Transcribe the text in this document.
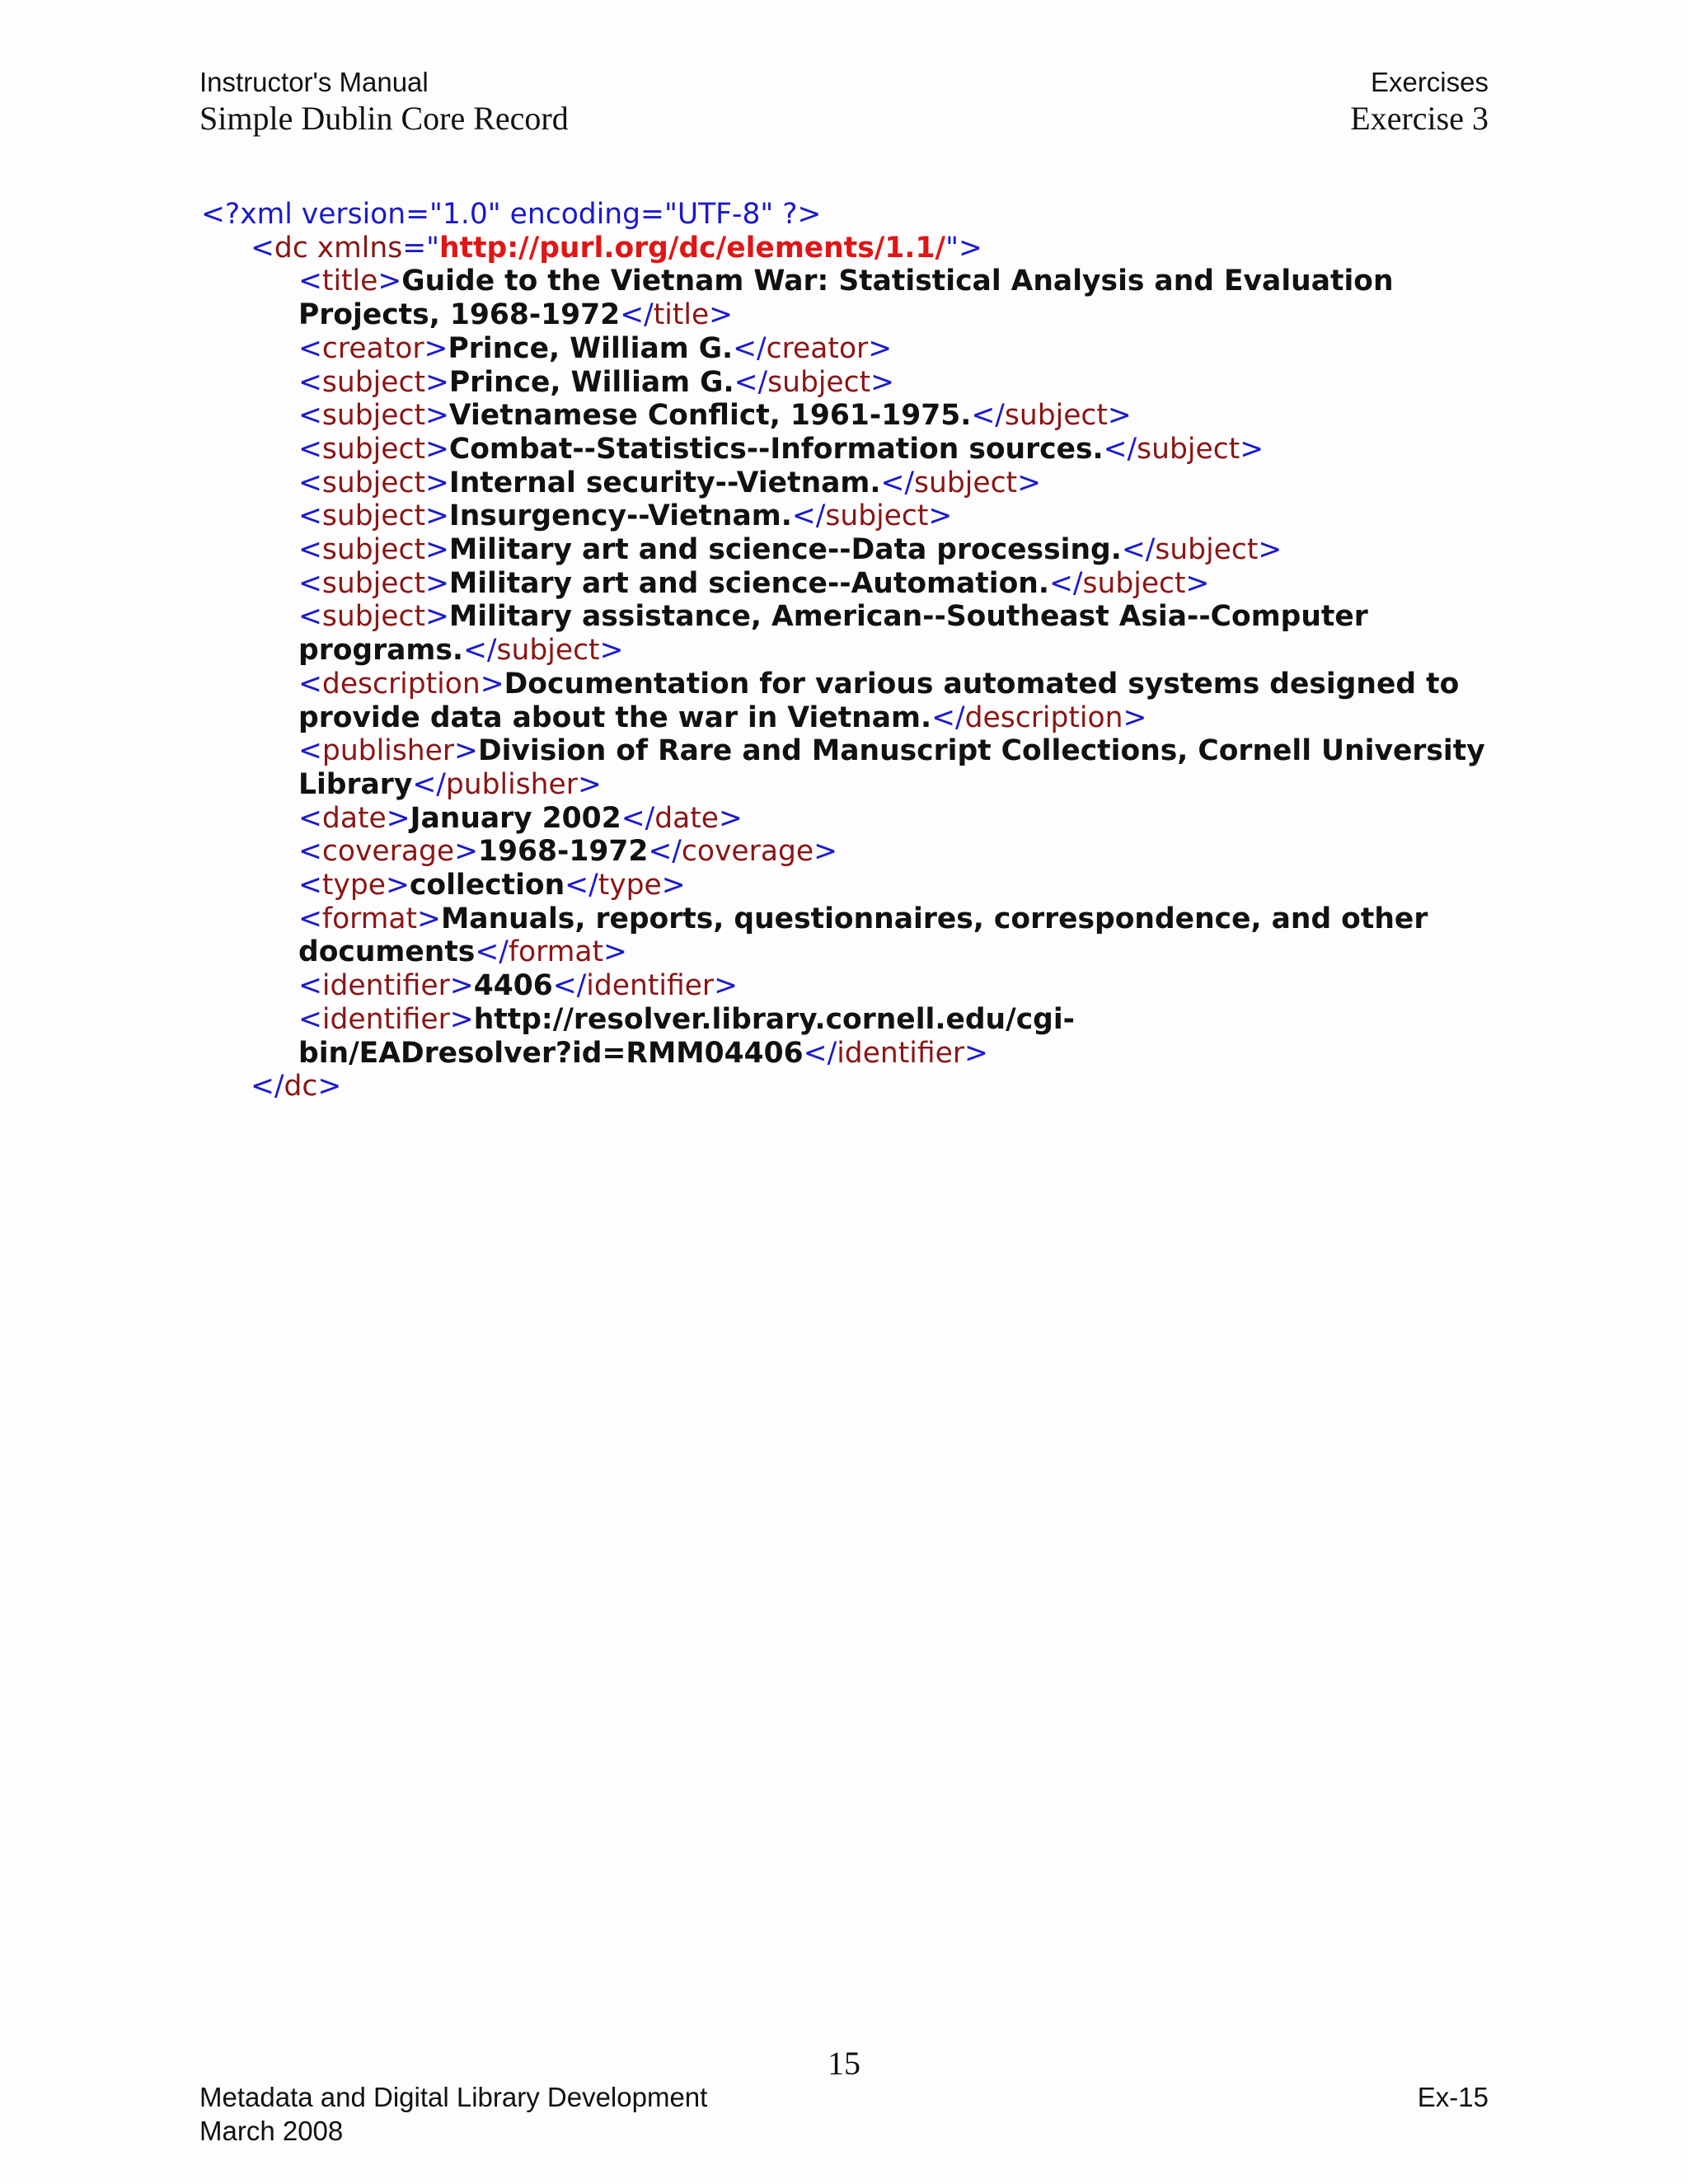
Instructor's Manual
Simple Dublin Core Record
Exercises
Exercise 3
<?xml version="1.0" encoding="UTF-8" ?>
<dc xmlns="http://purl.org/dc/elements/1.1/">
<title>Guide to the Vietnam War: Statistical Analysis and Evaluation
Projects, 1968-1972</title>
<creator>Prince, William G.</creator>
<subject>Prince, William G.</subject>
<subject>Vietnamese Conflict, 1961-1975.</subject>
<subject>Combat--Statistics--Information sources.</subject>
<subject>Internal security--Vietnam.</subject>
<subject>Insurgency--Vietnam.</subject>
<subject>Military art and science--Data processing.</subject>
<subject>Military art and science--Automation.</subject>
<subject>Military assistance, American--Southeast Asia--Computer
programs.</subject>
<description>Documentation for various automated systems designed to
provide data about the war in Vietnam.</description>
<publisher>Division of Rare and Manuscript Collections, Cornell University
Library</publisher>
<date>January 2002</date>
<coverage>1968-1972</coverage>
<type>collection</type>
<format>Manuals, reports, questionnaires, correspondence, and other
documents</format>
<identifier>4406</identifier>
<identifier>http://resolver.library.cornell.edu/cgi-
bin/EADresolver?id=RMM04406</identifier>
</dc>
15
Metadata and Digital Library Development
March 2008
Ex-15
